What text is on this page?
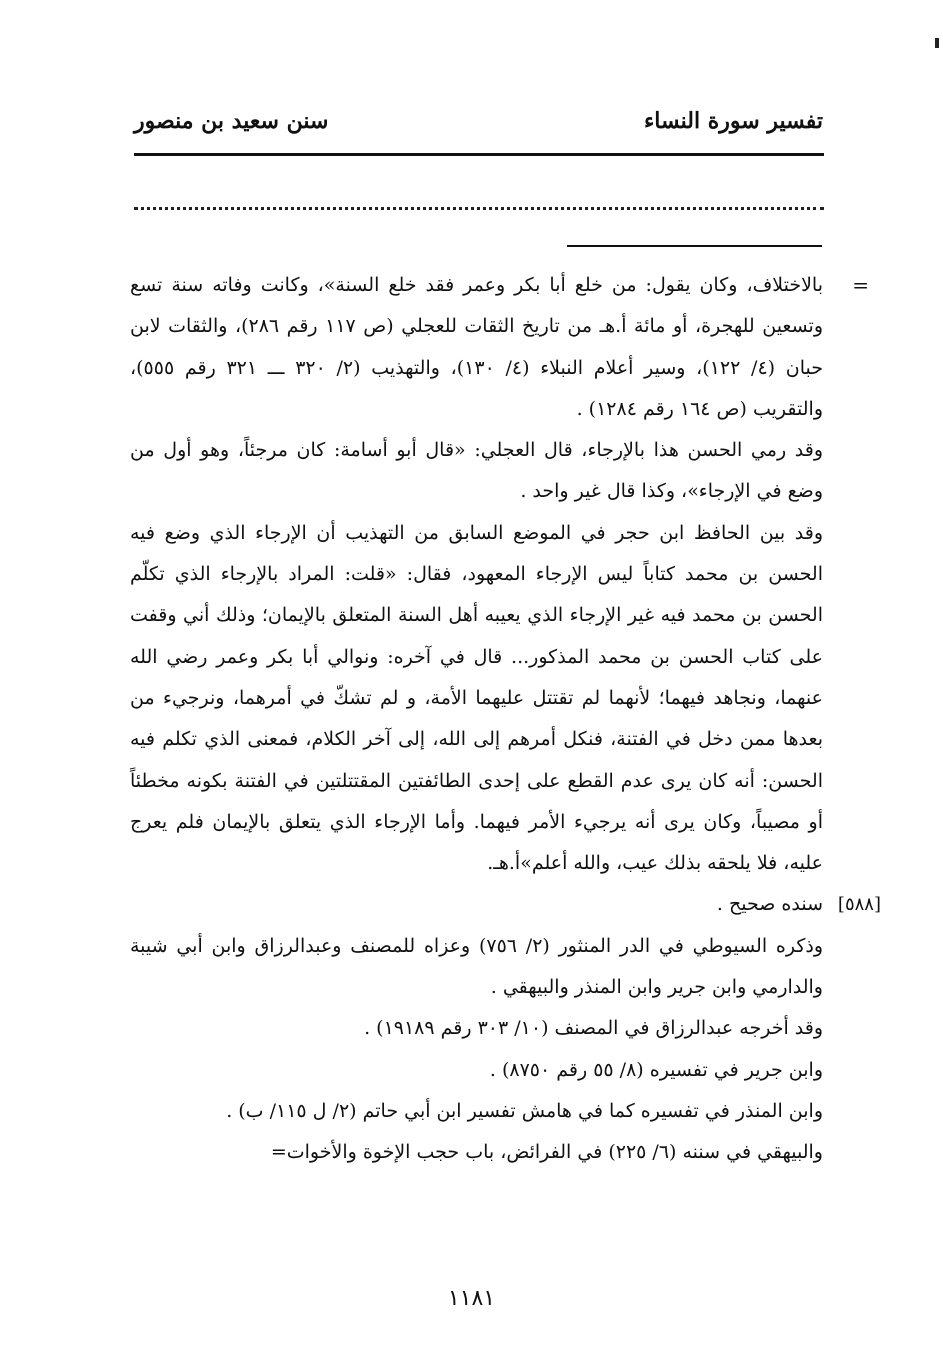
تفسير سورة النساء
سنن سعيد بن منصور
=

بالاختلاف، وكان يقول: من خلع أبا بكر وعمر فقد خلع السنة»، وكانت وفاته سنة تسع وتسعين للهجرة، أو مائة أ.هـ من تاريخ الثقات للعجلي (ص ١١٧ رقم ٢٨٦)، والثقات لابن حبان (٤/ ١٢٢)، وسير أعلام النبلاء (٤/ ١٣٠)، والتهذيب (٢/ ٣٢٠ ـــ ٣٢١ رقم ٥٥٥)، والتقريب (ص ١٦٤ رقم ١٢٨٤) .

وقد رمي الحسن هذا بالإرجاء، قال العجلي: «قال أبو أسامة: كان مرجئاً، وهو أول من وضع في الإرجاء»، وكذا قال غير واحد .

وقد بين الحافظ ابن حجر في الموضع السابق من التهذيب أن الإرجاء الذي وضع فيه الحسن بن محمد كتاباً ليس الإرجاء المعهود، فقال: «قلت: المراد بالإرجاء الذي تكلّم الحسن بن محمد فيه غير الإرجاء الذي يعيبه أهل السنة المتعلق بالإيمان؛ وذلك أني وقفت على كتاب الحسن بن محمد المذكور... قال في آخره: ونوالي أبا بكر وعمر رضي الله عنهما، ونجاهد فيهما؛ لأنهما لم تقتتل عليهما الأمة، و لم تشكّ في أمرهما، ونرجيء من بعدها ممن دخل في الفتنة، فنكل أمرهم إلى الله، إلى آخر الكلام، فمعنى الذي تكلم فيه الحسن: أنه كان يرى عدم القطع على إحدى الطائفتين المقتتلتين في الفتنة بكونه مخطئاً أو مصيباً، وكان يرى أنه يرجيء الأمر فيهما. وأما الإرجاء الذي يتعلق بالإيمان فلم يعرج عليه، فلا يلحقه بذلك عيب، والله أعلم»أ.هـ.

[٥٨٨]

سنده صحيح .

وذكره السيوطي في الدر المنثور (٢/ ٧٥٦) وعزاه للمصنف وعبدالرزاق وابن أبي شيبة والدارمي وابن جرير وابن المنذر والبيهقي .

وقد أخرجه عبدالرزاق في المصنف (١٠/ ٣٠٣ رقم ١٩١٨٩) .

وابن جرير في تفسيره (٨/ ٥٥ رقم ٨٧٥٠) .

وابن المنذر في تفسيره كما في هامش تفسير ابن أبي حاتم (٢/ ل ١١٥/ ب) .

والبيهقي في سننه (٦/ ٢٢٥) في الفرائض، باب حجب الإخوة والأخوات=

١١٨١
